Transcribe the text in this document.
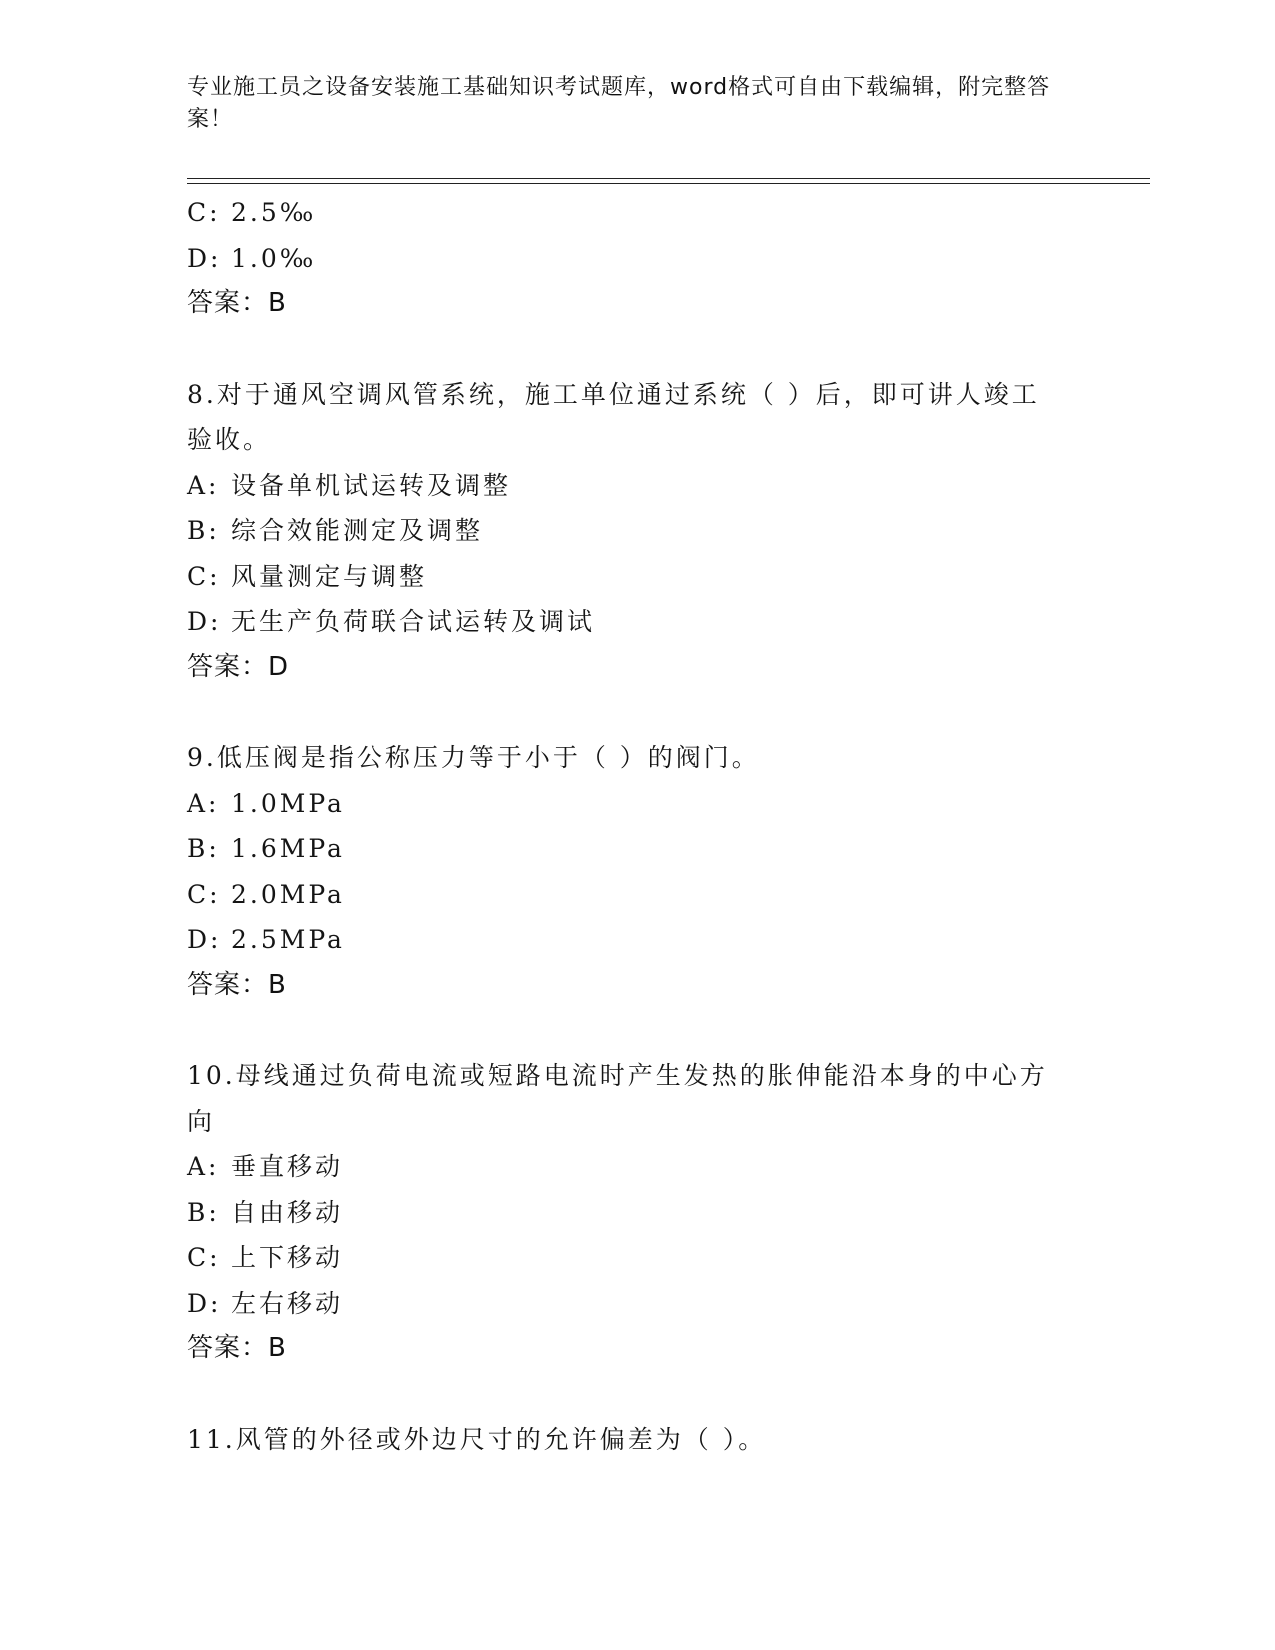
专业施工员之设备安装施工基础知识考试题库，word格式可自由下载编辑，附完整答案！
C: 2.5‰
D: 1.0‰
答案：B
8.对于通风空调风管系统，施工单位通过系统（ ）后，即可讲人竣工验收。
A: 设备单机试运转及调整
B: 综合效能测定及调整
C: 风量测定与调整
D: 无生产负荷联合试运转及调试
答案：D
9.低压阀是指公称压力等于小于（ ）的阀门。
A: 1.0MPa
B: 1.6MPa
C: 2.0MPa
D: 2.5MPa
答案：B
10.母线通过负荷电流或短路电流时产生发热的胀伸能沿本身的中心方向
A: 垂直移动
B: 自由移动
C: 上下移动
D: 左右移动
答案：B
11.风管的外径或外边尺寸的允许偏差为（ ）。
